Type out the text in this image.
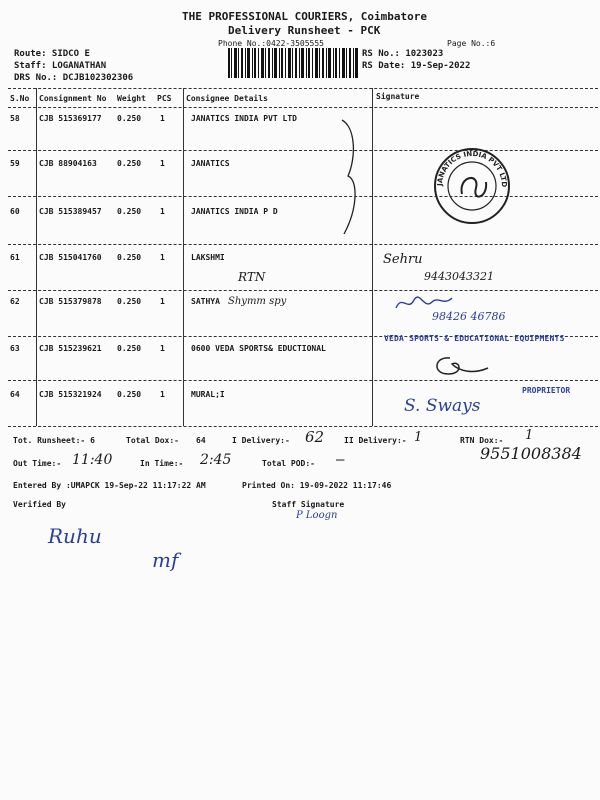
THE PROFESSIONAL COURIERS, Coimbatore
Delivery Runsheet - PCK
Phone No.:0422-3505555	Page No.:6
Route: SIDCO E
Staff: LOGANATHAN
DRS No.: DCJB102302306
RS No.: 1023023
RS Date: 19-Sep-2022
S.No Consignment No Weight PCS Consignee Details	Signature
58 CJB 515369177 0.250 1	JANATICS INDIA PVT LTD
59 CJB 88904163	0.250 1	JANATICS
60 CJB 515389457 0.250 1	JANATICS INDIA P D
61 CJB 515041760 0.250 1	LAKSHMI
RTN
62 CJB 515379878 0.250 1	SATHYA Shymm spy
63 CJB 515239621 0.250 1	0600 VEDA SPORTS& EDUCTIONAL
64 CJB 515321924 0.250 1	MURAL;I
JANATICS INDIA PVT LTD
Sehru
9443043321
98426 46786
VEDA SPORTS & EDUCATIONAL EQUIPMENTS
PROPRIETOR
S. Sways
Tot. Runsheet:- 6	Total Dox:- 64	I Delivery:- 62 II Delivery:- 1	RTN Dox:- 1
9551008384
Out Time:- 11:40	In Time:- 2:45	Total POD:- —
Entered By :UMAPCK 19-Sep-22 11:17:22 AM	Printed On: 19-09-2022 11:17:46
Verified By	Staff Signature
P Loogn
Ruhu
mf
